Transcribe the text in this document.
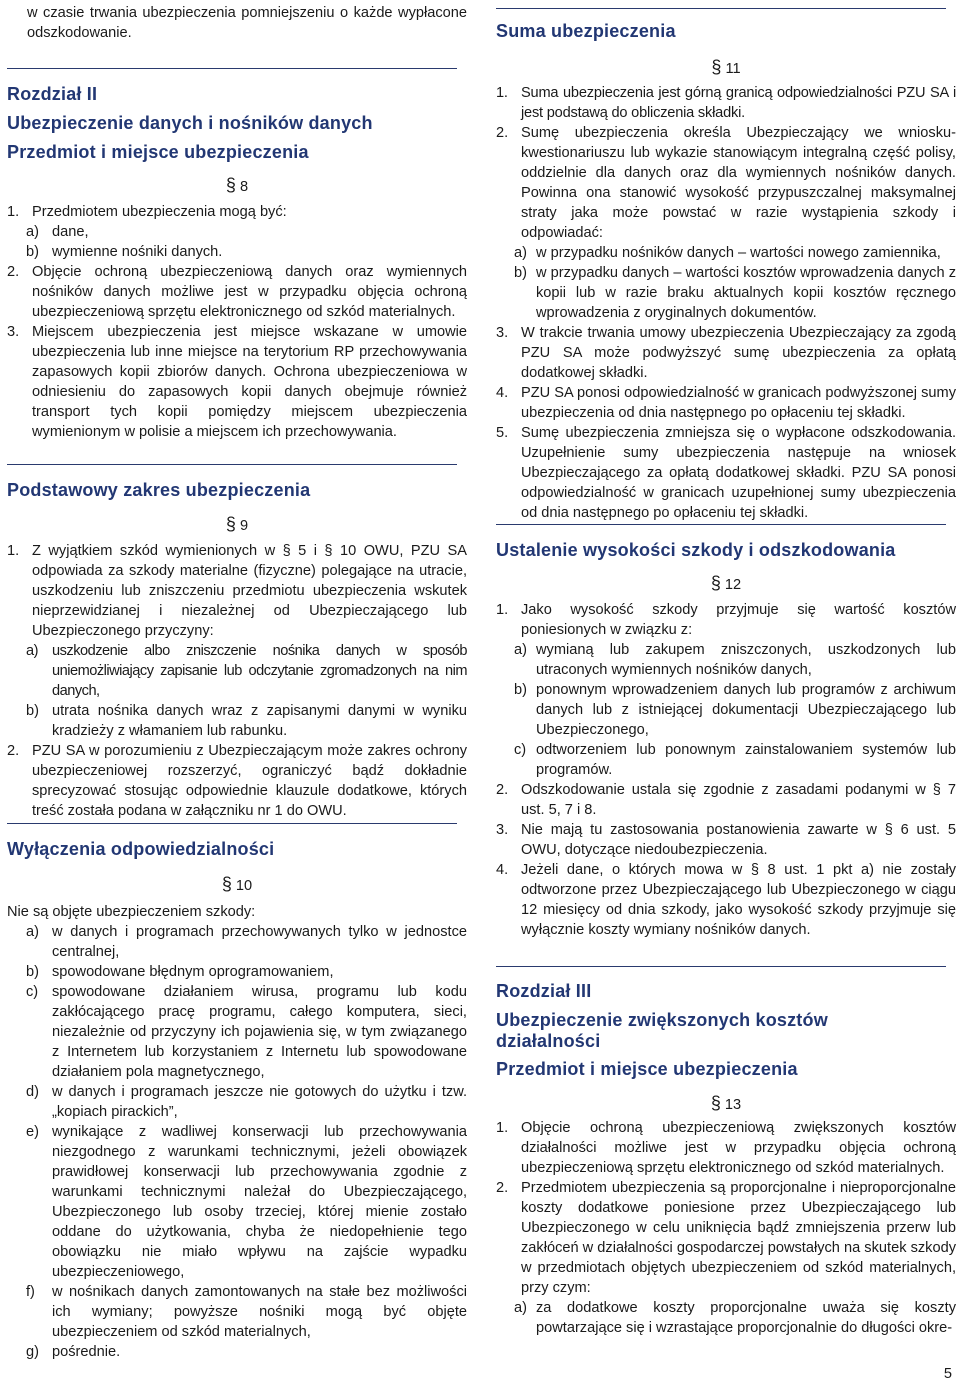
w czasie trwania ubezpieczenia pomniejszeniu o każde wypłacone odszkodowanie.

Rozdział II

Ubezpieczenie danych i nośników danych

Przedmiot i miejsce ubezpieczenia

§ 8

1. Przedmiotem ubezpieczenia mogą być:
a) dane,
b) wymienne nośniki danych.
2. Objęcie ochroną ubezpieczeniową danych oraz wymiennych nośników danych możliwe jest w przypadku objęcia ochroną ubezpieczeniową sprzętu elektronicznego od szkód materialnych.
3. Miejscem ubezpieczenia jest miejsce wskazane w umowie ubezpieczenia lub inne miejsce na terytorium RP przechowywania zapasowych kopii zbiorów danych. Ochrona ubezpieczeniowa w odniesieniu do zapasowych kopii danych obejmuje również transport tych kopii pomiędzy miejscem ubezpieczenia wymienionym w polisie a miejscem ich przechowywania.

Podstawowy zakres ubezpieczenia

§ 9

1. Z wyjątkiem szkód wymienionych w § 5 i § 10 OWU, PZU SA odpowiada za szkody materialne (fizyczne) polegające na utracie, uszkodzeniu lub zniszczeniu przedmiotu ubezpieczenia wskutek nieprzewidzianej i niezależnej od Ubezpieczającego lub Ubezpieczonego przyczyny:
a) uszkodzenie albo zniszczenie nośnika danych w sposób uniemożliwiający zapisanie lub odczytanie zgromadzonych na nim danych,
b) utrata nośnika danych wraz z zapisanymi danymi w wyniku kradzieży z włamaniem lub rabunku.
2. PZU SA w porozumieniu z Ubezpieczającym może zakres ochrony ubezpieczeniowej rozszerzyć, ograniczyć bądź dokładnie sprecyzować stosując odpowiednie klauzule dodatkowe, których treść została podana w załączniku nr 1 do OWU.

Wyłączenia odpowiedzialności

§ 10

Nie są objęte ubezpieczeniem szkody:

a) w danych i programach przechowywanych tylko w jednostce centralnej,
b) spowodowane błędnym oprogramowaniem,
c) spowodowane działaniem wirusa, programu lub kodu zakłócającego pracę programu, całego komputera, sieci, niezależnie od przyczyny ich pojawienia się, w tym związanego z Internetem lub korzystaniem z Internetu lub spowodowane działaniem pola magnetycznego,
d) w danych i programach jeszcze nie gotowych do użytku i tzw. „kopiach pirackich”,
e) wynikające z wadliwej konserwacji lub przechowywania niezgodnego z warunkami technicznymi, jeżeli obowiązek prawidłowej konserwacji lub przechowywania zgodnie z warunkami technicznymi należał do Ubezpieczającego, Ubezpieczonego lub osoby trzeciej, której mienie zostało oddane do użytkowania, chyba że niedopełnienie tego obowiązku nie miało wpływu na zajście wypadku ubezpieczeniowego,
f) w nośnikach danych zamontowanych na stałe bez możliwości ich wymiany; powyższe nośniki mogą być objęte ubezpieczeniem od szkód materialnych,
g) pośrednie.

Suma ubezpieczenia

§ 11

1. Suma ubezpieczenia jest górną granicą odpowiedzialności PZU SA i jest podstawą do obliczenia składki.
2. Sumę ubezpieczenia określa Ubezpieczający we wniosku-kwestionariuszu lub wykazie stanowiącym integralną część polisy, oddzielnie dla danych oraz dla wymiennych nośników danych. Powinna ona stanowić wysokość przypuszczalnej maksymalnej straty jaka może powstać w razie wystąpienia szkody i odpowiadać:
a) w przypadku nośników danych – wartości nowego zamiennika,
b) w przypadku danych – wartości kosztów wprowadzenia danych z kopii lub w razie braku aktualnych kopii kosztów ręcznego wprowadzenia z oryginalnych dokumentów.
3. W trakcie trwania umowy ubezpieczenia Ubezpieczający za zgodą PZU SA może podwyższyć sumę ubezpieczenia za opłatą dodatkowej składki.
4. PZU SA ponosi odpowiedzialność w granicach podwyższonej sumy ubezpieczenia od dnia następnego po opłaceniu tej składki.
5. Sumę ubezpieczenia zmniejsza się o wypłacone odszkodowania. Uzupełnienie sumy ubezpieczenia następuje na wniosek Ubezpieczającego za opłatą dodatkowej składki. PZU SA ponosi odpowiedzialność w granicach uzupełnionej sumy ubezpieczenia od dnia następnego po opłaceniu tej składki.

Ustalenie wysokości szkody i odszkodowania

§ 12

1. Jako wysokość szkody przyjmuje się wartość kosztów poniesionych w związku z:
a) wymianą lub zakupem zniszczonych, uszkodzonych lub utraconych wymiennych nośników danych,
b) ponownym wprowadzeniem danych lub programów z archiwum danych lub z istniejącej dokumentacji Ubezpieczającego lub Ubezpieczonego,
c) odtworzeniem lub ponownym zainstalowaniem systemów lub programów.
2. Odszkodowanie ustala się zgodnie z zasadami podanymi w § 7 ust. 5, 7 i 8.
3. Nie mają tu zastosowania postanowienia zawarte w § 6 ust. 5 OWU, dotyczące niedoubezpieczenia.
4. Jeżeli dane, o których mowa w § 8 ust. 1 pkt a) nie zostały odtworzone przez Ubezpieczającego lub Ubezpieczonego w ciągu 12 miesięcy od dnia szkody, jako wysokość szkody przyjmuje się wyłącznie koszty wymiany nośników danych.

Rozdział III

Ubezpieczenie zwiększonych kosztów działalności

Przedmiot i miejsce ubezpieczenia

§ 13

1. Objęcie ochroną ubezpieczeniową zwiększonych kosztów działalności możliwe jest w przypadku objęcia ochroną ubezpieczeniową sprzętu elektronicznego od szkód materialnych.
2. Przedmiotem ubezpieczenia są proporcjonalne i nieproporcjonalne koszty dodatkowe poniesione przez Ubezpieczającego lub Ubezpieczonego w celu uniknięcia bądź zmniejszenia przerw lub zakłóceń w działalności gospodarczej powstałych na skutek szkody w przedmiotach objętych ubezpieczeniem od szkód materialnych, przy czym:
a) za dodatkowe koszty proporcjonalne uważa się koszty powtarzające się i wzrastające proporcjonalnie do długości okre-
5
